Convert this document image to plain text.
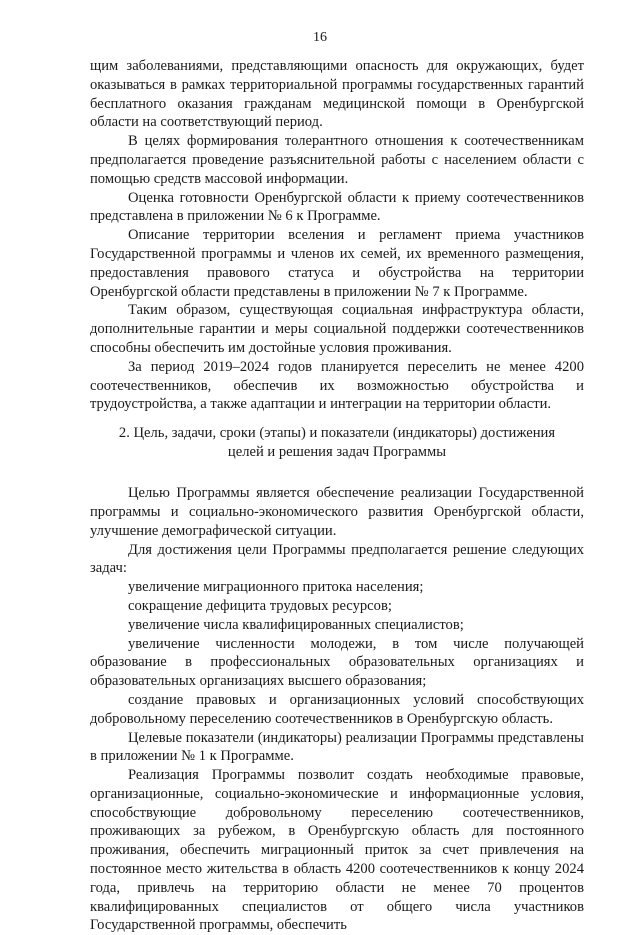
16

щим заболеваниями, представляющими опасность для окружающих, будет оказываться в рамках территориальной программы государственных гарантий бесплатного оказания гражданам медицинской помощи в Оренбургской области на соответствующий период.

В целях формирования толерантного отношения к соотечественникам предполагается проведение разъяснительной работы с населением области с помощью средств массовой информации.

Оценка готовности Оренбургской области к приему соотечественников представлена в приложении № 6 к Программе.

Описание территории вселения и регламент приема участников Государственной программы и членов их семей, их временного размещения, предоставления правового статуса и обустройства на территории Оренбургской области представлены в приложении № 7 к Программе.

Таким образом, существующая социальная инфраструктура области, дополнительные гарантии и меры социальной поддержки соотечественников способны обеспечить им достойные условия проживания.

За период 2019–2024 годов планируется переселить не менее 4200 соотечественников, обеспечив их возможностью обустройства и трудоустройства, а также адаптации и интеграции на территории области.

2. Цель, задачи, сроки (этапы) и показатели (индикаторы) достижения
целей и решения задач Программы

Целью Программы является обеспечение реализации Государственной программы и социально-экономического развития Оренбургской области, улучшение демографической ситуации.

Для достижения цели Программы предполагается решение следующих задач:

увеличение миграционного притока населения;

сокращение дефицита трудовых ресурсов;

увеличение числа квалифицированных специалистов;

увеличение численности молодежи, в том числе получающей образование в профессиональных образовательных организациях и образовательных организациях высшего образования;

создание правовых и организационных условий способствующих добровольному переселению соотечественников в Оренбургскую область.

Целевые показатели (индикаторы) реализации Программы представлены в приложении № 1 к Программе.

Реализация Программы позволит создать необходимые правовые, организационные, социально-экономические и информационные условия, способствующие добровольному переселению соотечественников, проживающих за рубежом, в Оренбургскую область для постоянного проживания, обеспечить миграционный приток за счет привлечения на постоянное место жительства в область 4200 соотечественников к концу 2024 года, привлечь на территорию области не менее 70 процентов квалифицированных специалистов от общего числа участников Государственной программы, обеспечить
